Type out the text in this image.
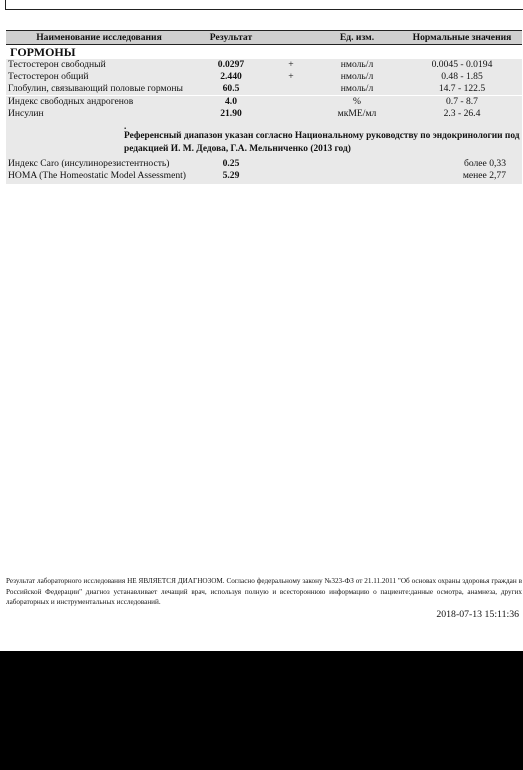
Наименование исследования	Результат		Ед. изм.	Нормальные значения
ГОРМОНЫ				
Тестостерон свободный	0.0297	+	нмоль/л	0.0045 - 0.0194
Тестостерон общий	2.440	+	нмоль/л	0.48 - 1.85
Глобулин, связывающий половые гормоны	60.5		нмоль/л	14.7 - 122.5

Индекс свободных андрогенов	4.0		%	0.7 - 8.7
Инсулин	21.90		мкМЕ/мл	2.3 - 26.4

.
Референсный диапазон указан согласно Национальному руководству по эндокринологии под редакцией И. М. Дедова, Г.А. Мельниченко (2013 год)				
Индекс Caro (инсулинорезистентность)	0.25			более 0,33
HOMA (The Homeostatic Model Assessment)	5.29			менее 2,77

Результат лабораторного исследования НЕ ЯВЛЯЕТСЯ ДИАГНОЗОМ. Согласно федеральному закону №323-ФЗ от 21.11.2011 "Об основах охраны здоровья граждан в Российской Федерации" диагноз устанавливает лечащий врач, используя полную и всестороннюю информацию о пациенте:данные осмотра, анамнеза, других лабораторных и инструментальных исследований.
2018-07-13 15:11:36
